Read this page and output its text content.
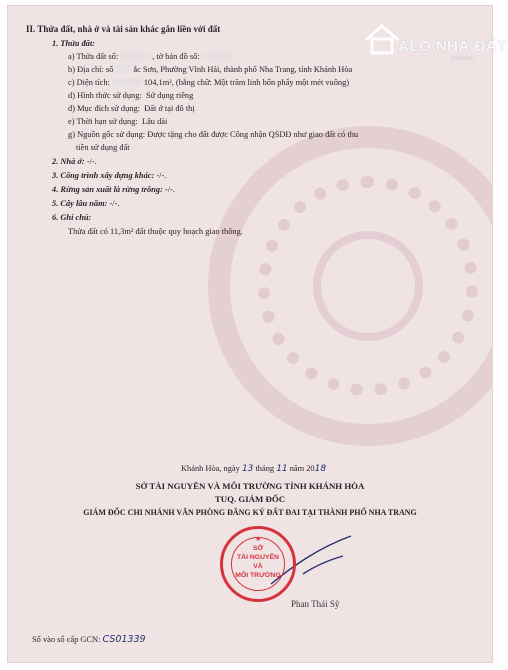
II. Thửa đất, nhà ở và tài sản khác gắn liền với đất
1. Thửa đất:
a) Thửa đất số:	, tờ bản đồ số:
b) Địa chỉ: số ắc Sơn, Phường Vĩnh Hải, thành phố Nha Trang, tỉnh Khánh Hòa
c) Diện tích:	104,1m², (bằng chữ: Một trăm linh bốn phẩy một mét vuông)
d) Hình thức sử dụng: Sử dụng riêng
đ) Mục đích sử dụng: Đất ở tại đô thị
e) Thời hạn sử dụng: Lâu dài
g) Nguồn gốc sử dụng: Được tặng cho đất được Công nhận QSDĐ như giao đất có thu
tiền sử dụng đất
2. Nhà ở: -/-.
3. Công trình xây dựng khác: -/-.
4. Rừng sản xuất là rừng trồng: -/-.
5. Cây lâu năm: -/-.
6. Ghi chú:
Thửa đất có 11,3m² đất thuộc quy hoạch giao thông.
Khánh Hòa, ngày 13 tháng 11 năm 2018
SỞ TÀI NGUYÊN VÀ MÔI TRƯỜNG TỈNH KHÁNH HÒA
TUQ. GIÁM ĐỐC
GIÁM ĐỐC CHI NHÁNH VĂN PHÒNG ĐĂNG KÝ ĐẤT ĐAI TẠI THÀNH PHỐ NHA TRANG
★
SỞ
TÀI NGUYÊN
VÀ
MÔI TRƯỜNG
Phan Thái Sỹ
Số vào sổ cấp GCN: CS01339
ALO NHÀ ĐẤT
.com.vn
